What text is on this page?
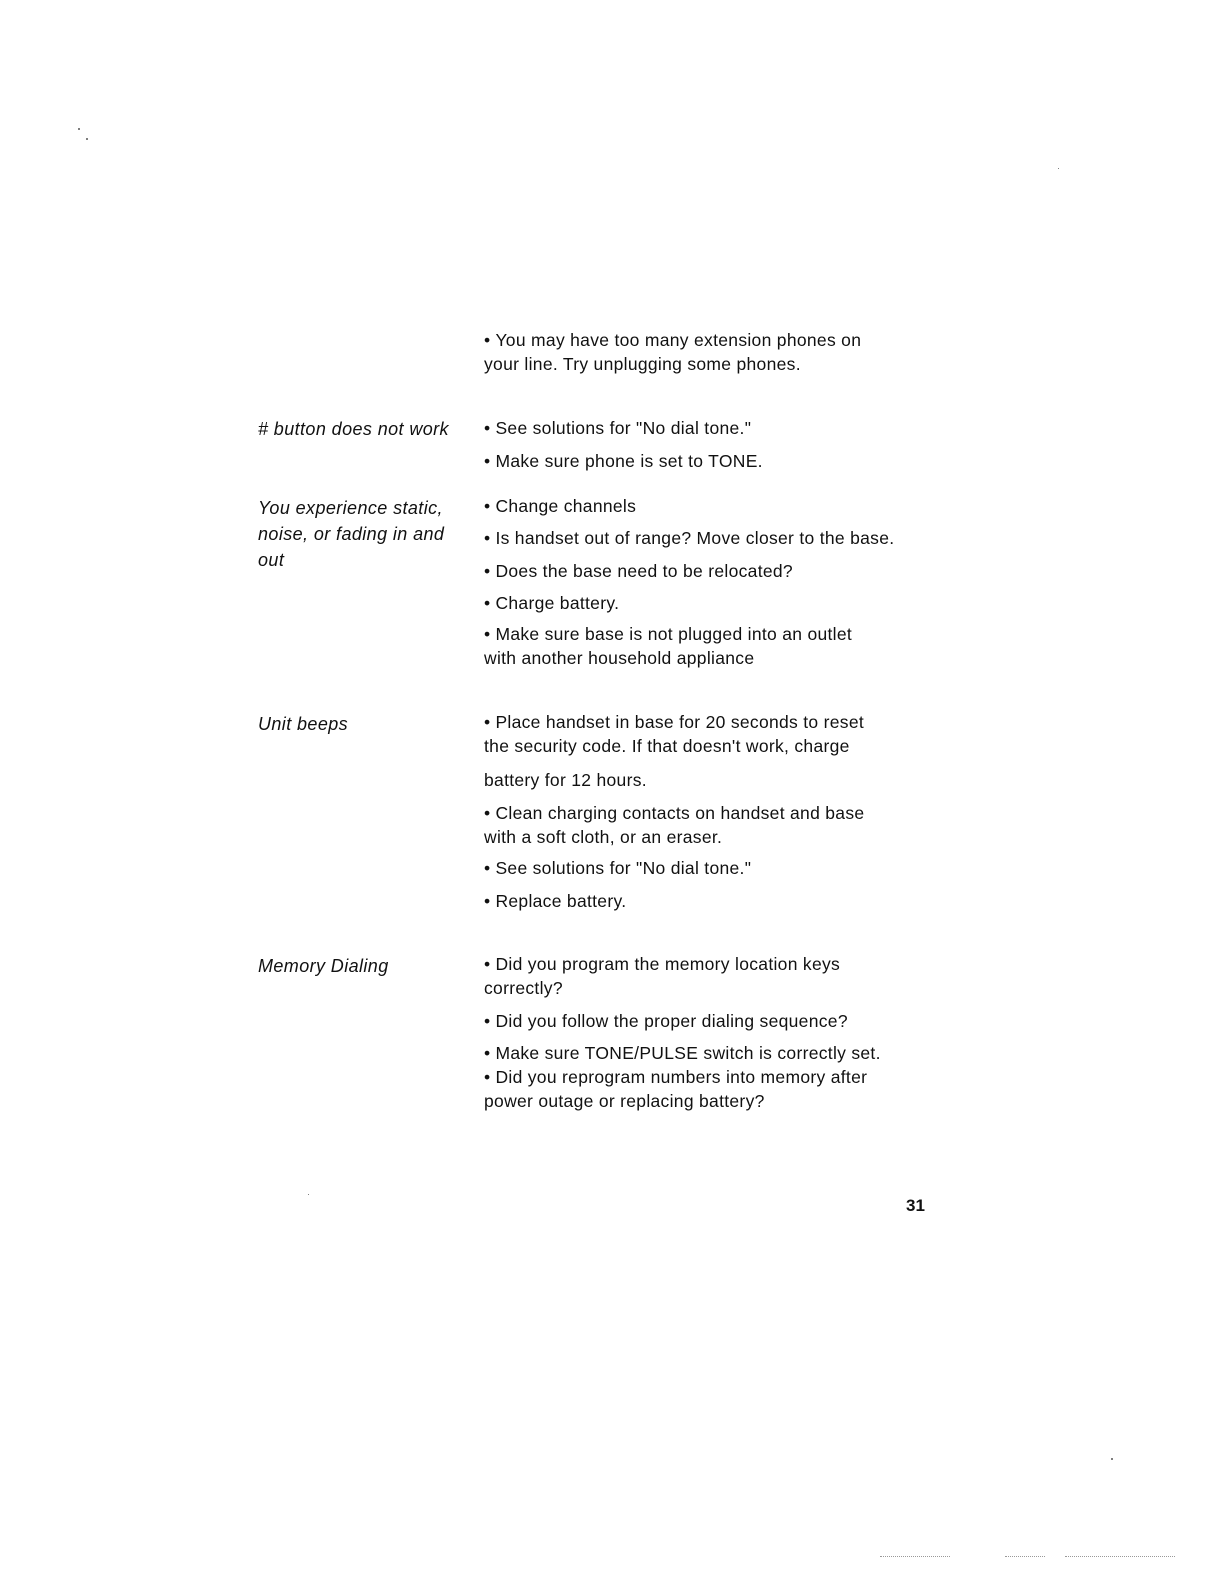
• You may have too many extension phones on
your line. Try unplugging some phones.
# button does not work • See solutions for "No dial tone."
• Make sure phone is set to TONE.
You experience static,
noise, or fading in and
out
• Change channels
• Is handset out of range? Move closer to the base.
• Does the base need to be relocated?
• Charge battery.
• Make sure base is not plugged into an outlet
with another household appliance
Unit beeps	• Place handset in base for 20 seconds to reset
the security code. If that doesn't work, charge
battery for 12 hours.
• Clean charging contacts on handset and base
with a soft cloth, or an eraser.
• See solutions for "No dial tone."
• Replace battery.
Memory Dialing	• Did you program the memory location keys
correctly?
• Did you follow the proper dialing sequence?
• Make sure TONE/PULSE switch is correctly set.
• Did you reprogram numbers into memory after
power outage or replacing battery?
31
